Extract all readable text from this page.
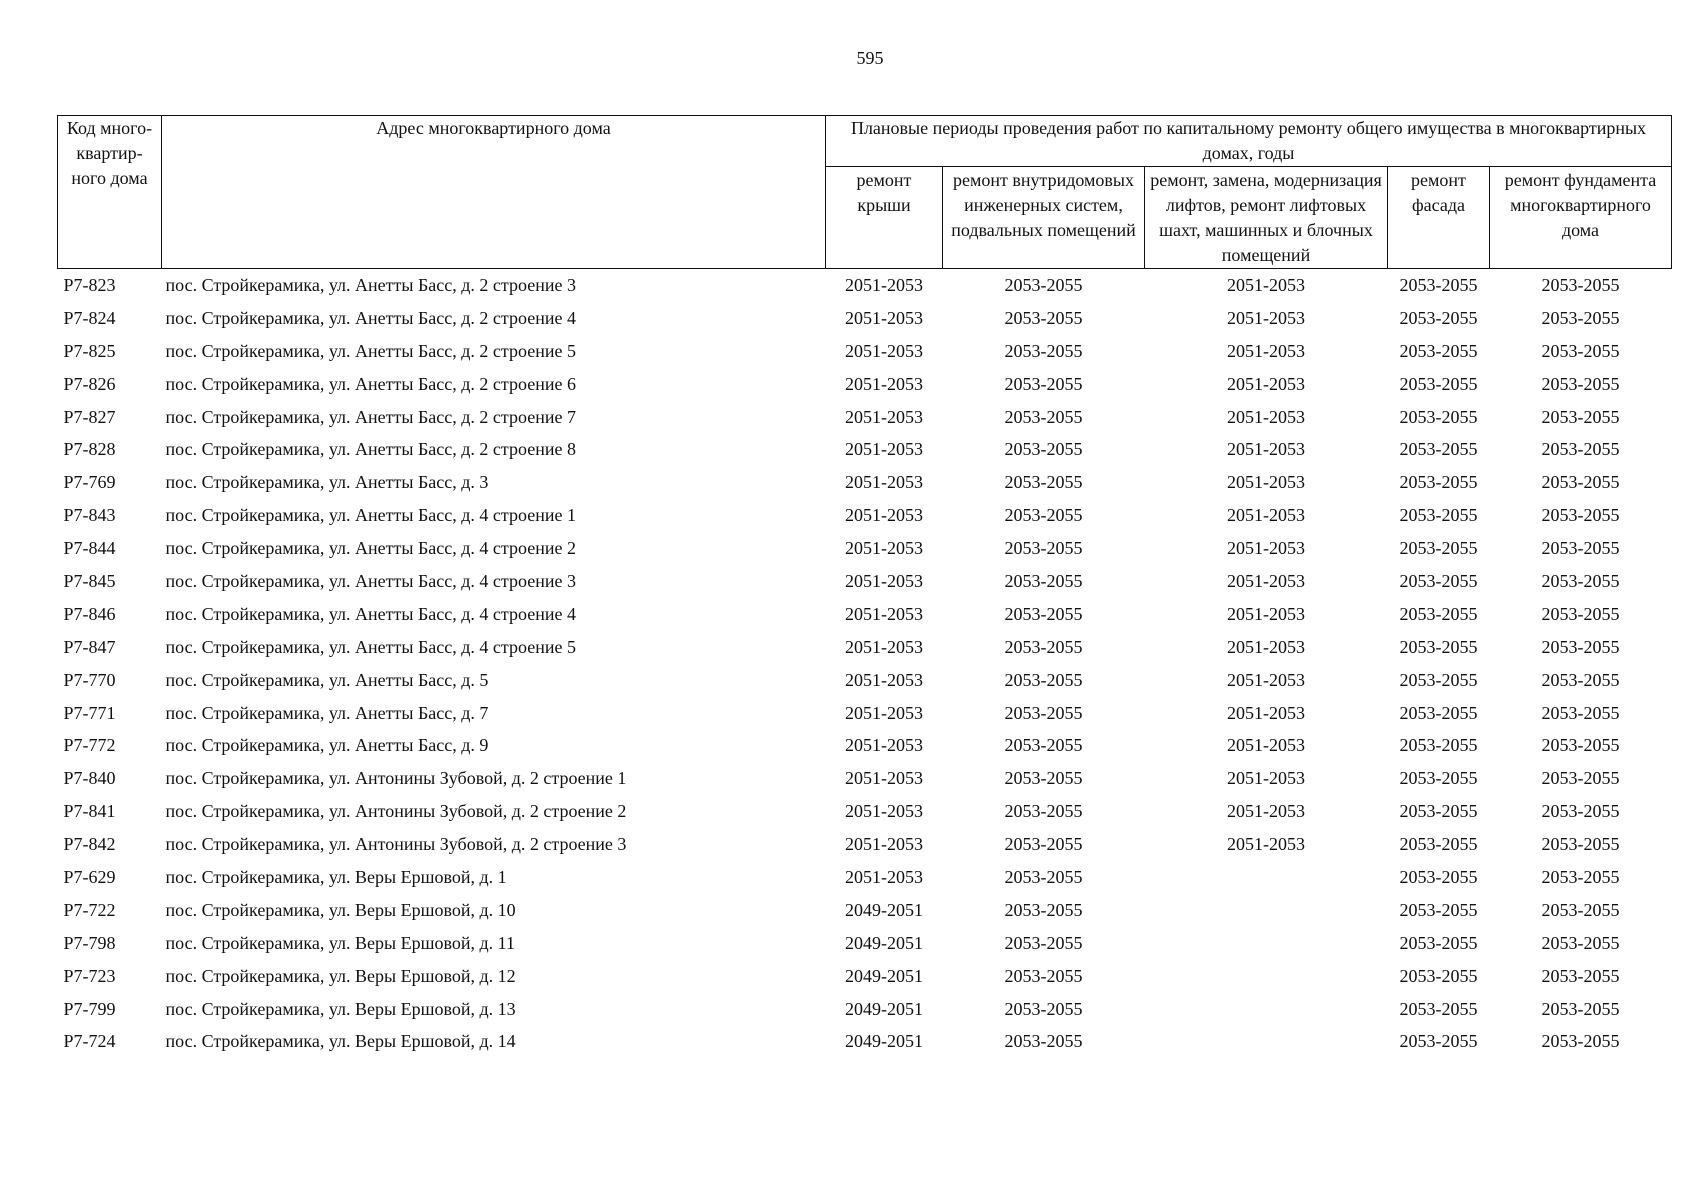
595
Код много-квартир-ного дома	Адрес многоквартирного дома	Плановые периоды проведения работ по капитальному ремонту общего имущества в многоквартирных домах, годы				
		ремонт крыши	ремонт внутридомовых инженерных систем, подвальных помещений	ремонт, замена, модернизация лифтов, ремонт лифтовых шахт, машинных и блочных помещений	ремонт фасада	ремонт фундамента многоквартирного дома
Р7-823	пос. Стройкерамика, ул. Анетты Басс, д. 2 строение 3	2051-2053	2053-2055	2051-2053	2053-2055	2053-2055
Р7-824	пос. Стройкерамика, ул. Анетты Басс, д. 2 строение 4	2051-2053	2053-2055	2051-2053	2053-2055	2053-2055
Р7-825	пос. Стройкерамика, ул. Анетты Басс, д. 2 строение 5	2051-2053	2053-2055	2051-2053	2053-2055	2053-2055
Р7-826	пос. Стройкерамика, ул. Анетты Басс, д. 2 строение 6	2051-2053	2053-2055	2051-2053	2053-2055	2053-2055
Р7-827	пос. Стройкерамика, ул. Анетты Басс, д. 2 строение 7	2051-2053	2053-2055	2051-2053	2053-2055	2053-2055
Р7-828	пос. Стройкерамика, ул. Анетты Басс, д. 2 строение 8	2051-2053	2053-2055	2051-2053	2053-2055	2053-2055
Р7-769	пос. Стройкерамика, ул. Анетты Басс, д. 3	2051-2053	2053-2055	2051-2053	2053-2055	2053-2055
Р7-843	пос. Стройкерамика, ул. Анетты Басс, д. 4 строение 1	2051-2053	2053-2055	2051-2053	2053-2055	2053-2055
Р7-844	пос. Стройкерамика, ул. Анетты Басс, д. 4 строение 2	2051-2053	2053-2055	2051-2053	2053-2055	2053-2055
Р7-845	пос. Стройкерамика, ул. Анетты Басс, д. 4 строение 3	2051-2053	2053-2055	2051-2053	2053-2055	2053-2055
Р7-846	пос. Стройкерамика, ул. Анетты Басс, д. 4 строение 4	2051-2053	2053-2055	2051-2053	2053-2055	2053-2055
Р7-847	пос. Стройкерамика, ул. Анетты Басс, д. 4 строение 5	2051-2053	2053-2055	2051-2053	2053-2055	2053-2055
Р7-770	пос. Стройкерамика, ул. Анетты Басс, д. 5	2051-2053	2053-2055	2051-2053	2053-2055	2053-2055
Р7-771	пос. Стройкерамика, ул. Анетты Басс, д. 7	2051-2053	2053-2055	2051-2053	2053-2055	2053-2055
Р7-772	пос. Стройкерамика, ул. Анетты Басс, д. 9	2051-2053	2053-2055	2051-2053	2053-2055	2053-2055
Р7-840	пос. Стройкерамика, ул. Антонины Зубовой, д. 2 строение 1	2051-2053	2053-2055	2051-2053	2053-2055	2053-2055
Р7-841	пос. Стройкерамика, ул. Антонины Зубовой, д. 2 строение 2	2051-2053	2053-2055	2051-2053	2053-2055	2053-2055
Р7-842	пос. Стройкерамика, ул. Антонины Зубовой, д. 2 строение 3	2051-2053	2053-2055	2051-2053	2053-2055	2053-2055
Р7-629	пос. Стройкерамика, ул. Веры Ершовой, д. 1	2051-2053	2053-2055		2053-2055	2053-2055
Р7-722	пос. Стройкерамика, ул. Веры Ершовой, д. 10	2049-2051	2053-2055		2053-2055	2053-2055
Р7-798	пос. Стройкерамика, ул. Веры Ершовой, д. 11	2049-2051	2053-2055		2053-2055	2053-2055
Р7-723	пос. Стройкерамика, ул. Веры Ершовой, д. 12	2049-2051	2053-2055		2053-2055	2053-2055
Р7-799	пос. Стройкерамика, ул. Веры Ершовой, д. 13	2049-2051	2053-2055		2053-2055	2053-2055
Р7-724	пос. Стройкерамика, ул. Веры Ершовой, д. 14	2049-2051	2053-2055		2053-2055	2053-2055
